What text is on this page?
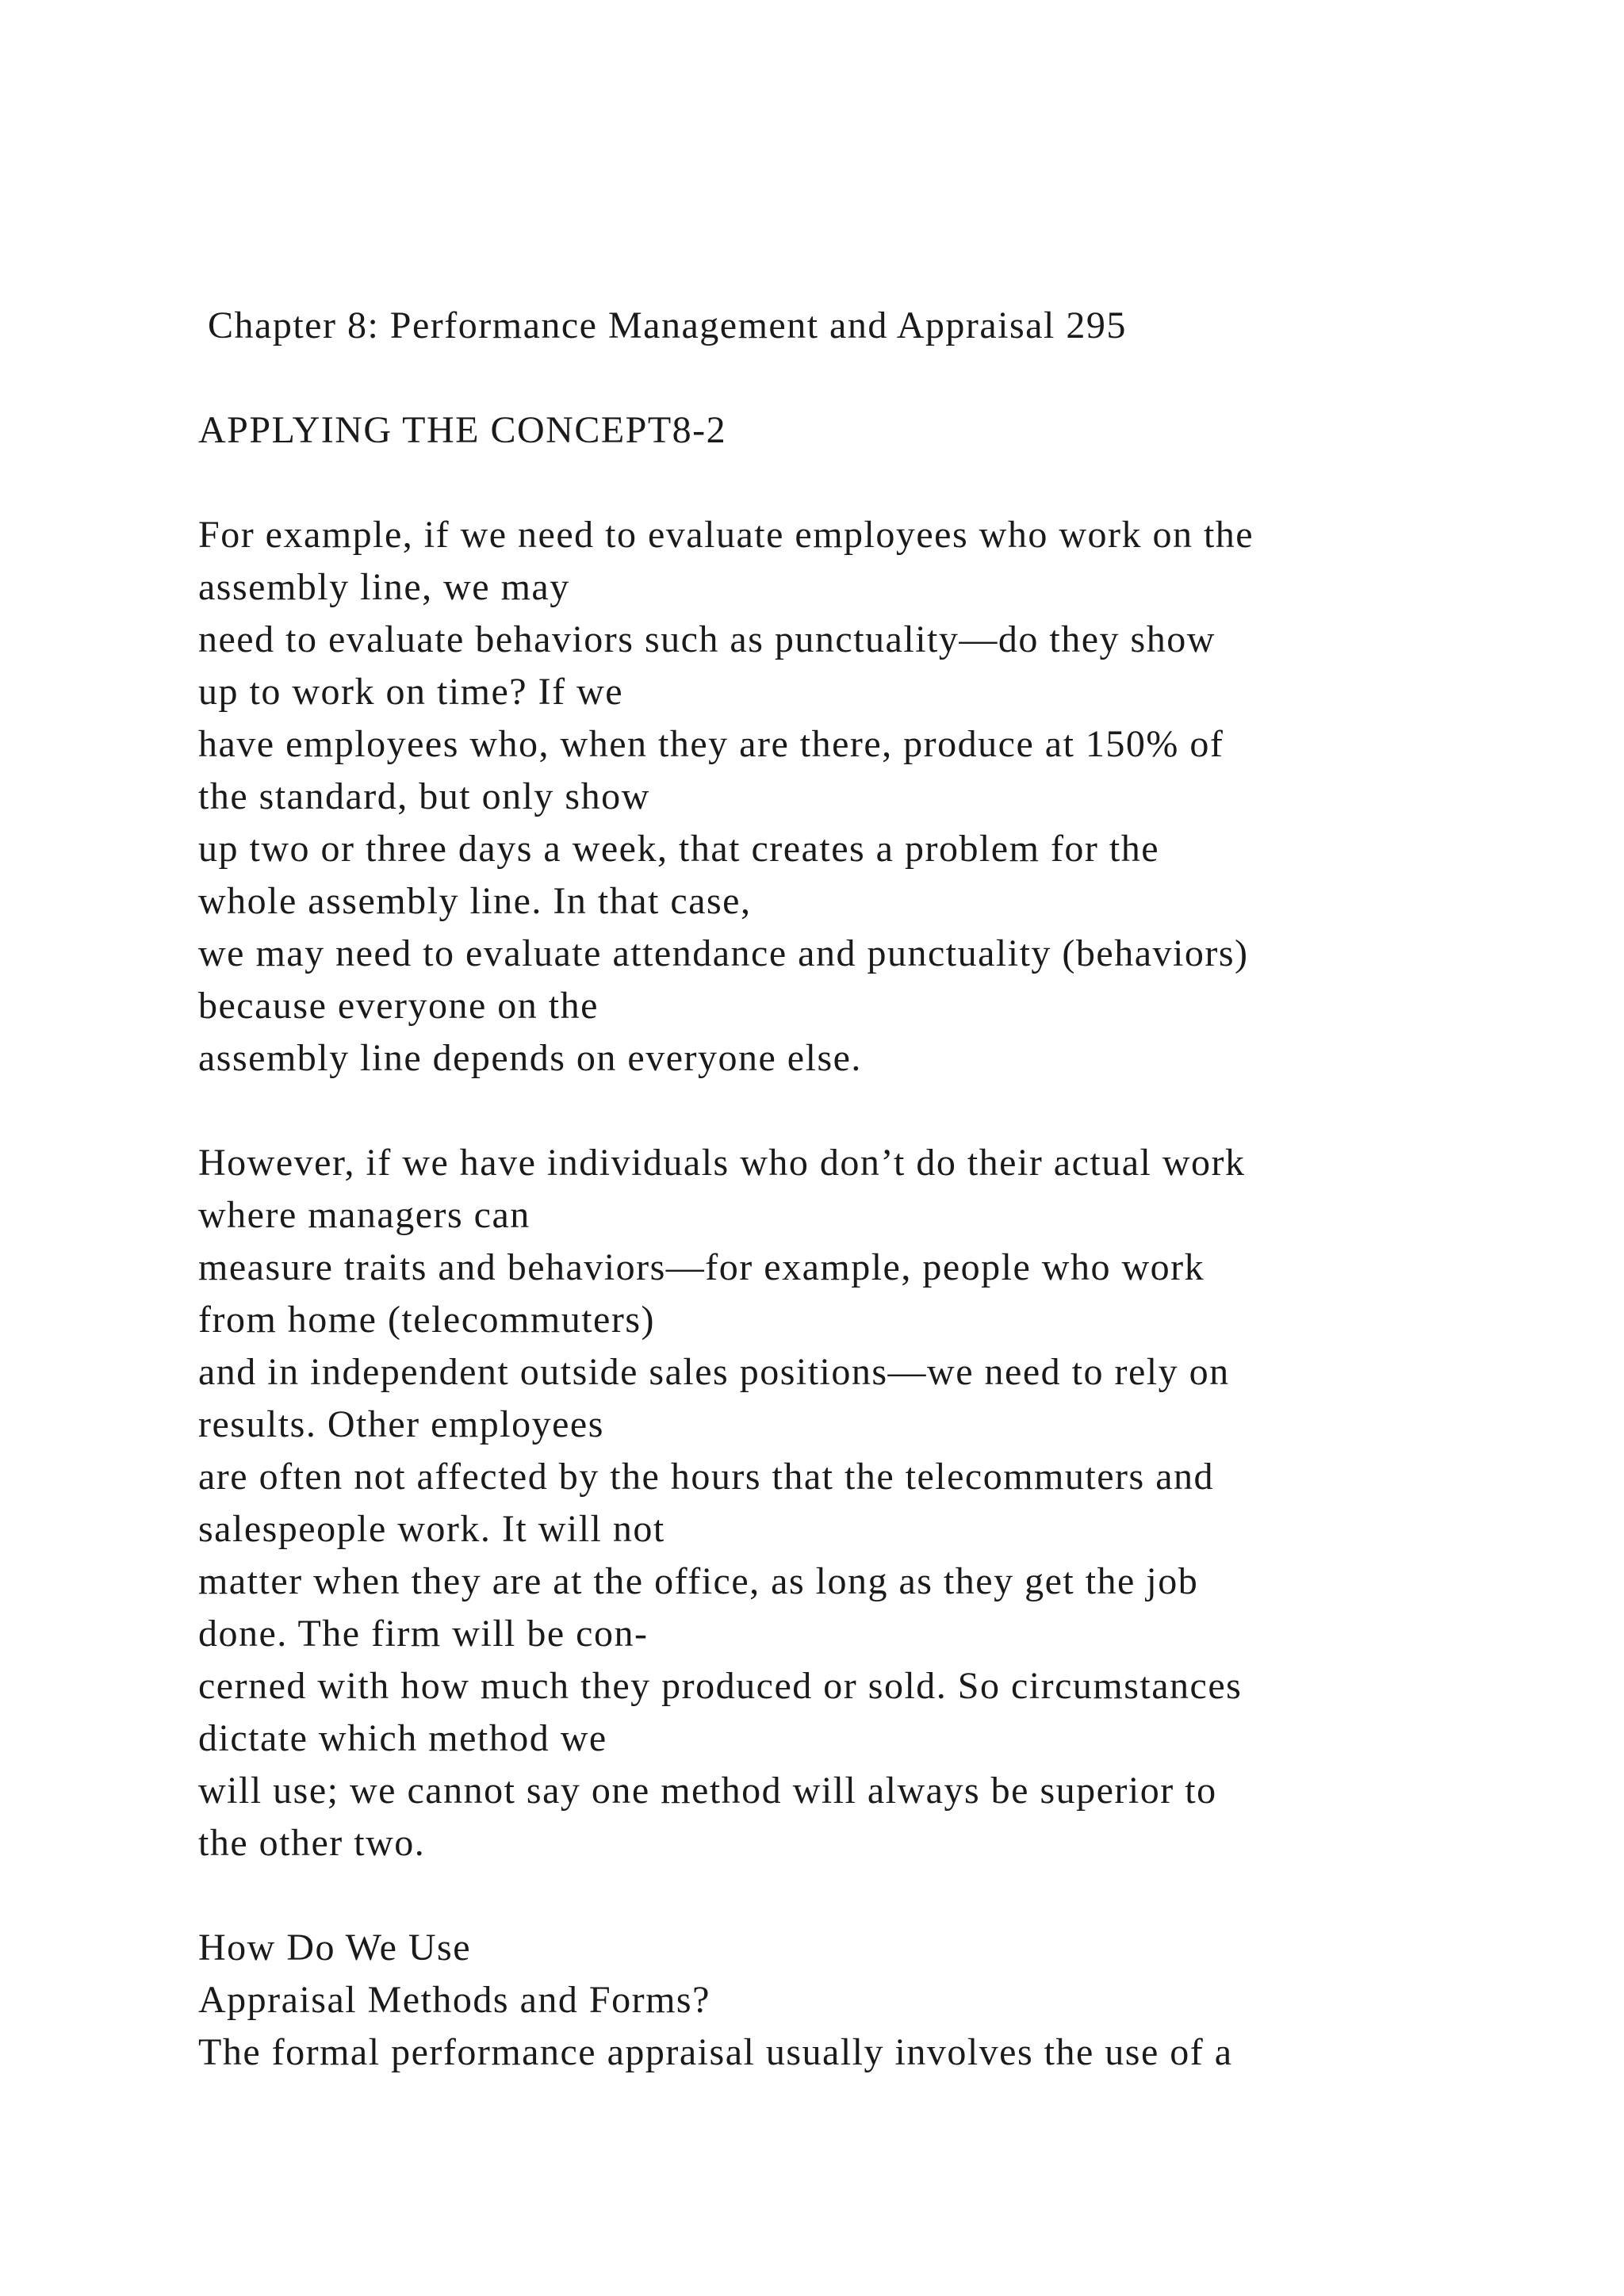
Chapter 8: Performance Management and Appraisal 295

APPLYING THE CONCEPT8-2

For example, if we need to evaluate employees who work on the
assembly line, we may
need to evaluate behaviors such as punctuality—do they show
up to work on time? If we
have employees who, when they are there, produce at 150% of
the standard, but only show
up two or three days a week, that creates a problem for the
whole assembly line. In that case,
we may need to evaluate attendance and punctuality (behaviors)
because everyone on the
assembly line depends on everyone else.

However, if we have individuals who don’t do their actual work
where managers can
measure traits and behaviors—for example, people who work
from home (telecommuters)
and in independent outside sales positions—we need to rely on
results. Other employees
are often not affected by the hours that the telecommuters and
salespeople work. It will not
matter when they are at the office, as long as they get the job
done. The firm will be con-
cerned with how much they produced or sold. So circumstances
dictate which method we
will use; we cannot say one method will always be superior to
the other two.

How Do We Use
Appraisal Methods and Forms?

The formal performance appraisal usually involves the use of a
